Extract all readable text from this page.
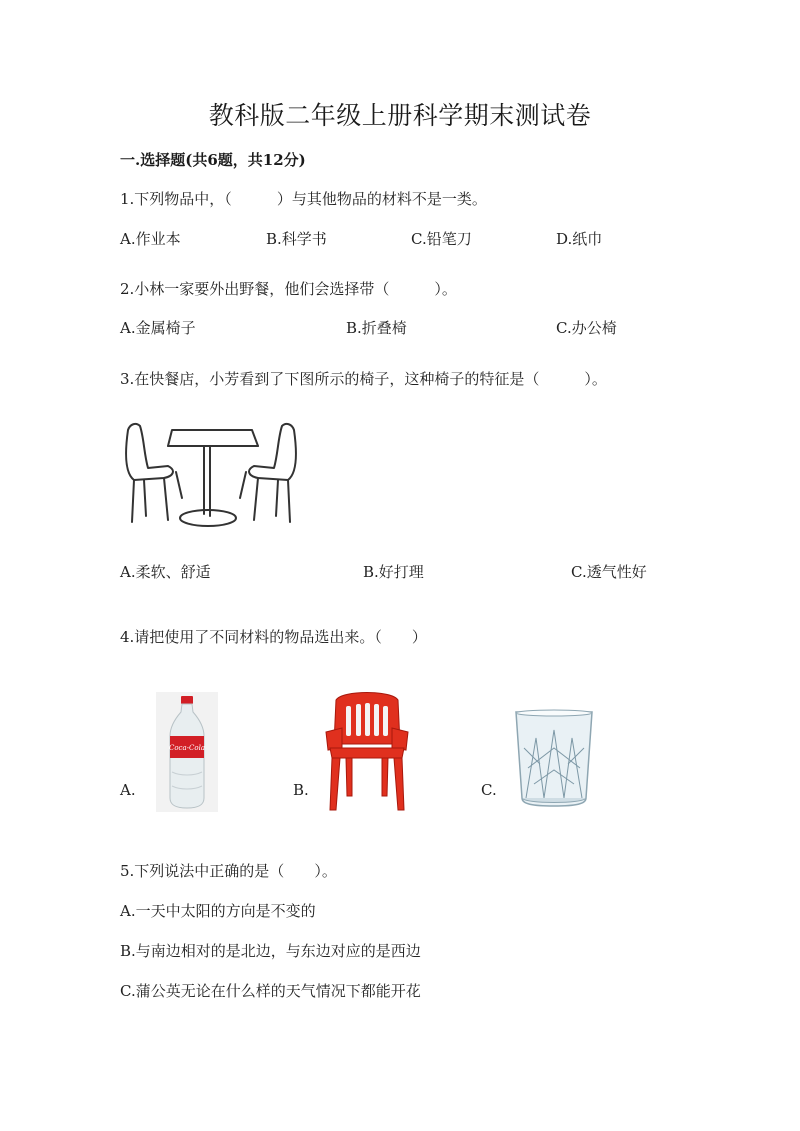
教科版二年级上册科学期末测试卷
一.选择题(共6题，共12分)
1.下列物品中，（　　　）与其他物品的材料不是一类。
A.作业本	B.科学书	C.铅笔刀	D.纸巾
2.小林一家要外出野餐，他们会选择带（　　　）。
A.金属椅子	B.折叠椅	C.办公椅
3.在快餐店，小芳看到了下图所示的椅子，这种椅子的特征是（　　　）。
A.柔软、舒适	B.好打理	C.透气性好
4.请把使用了不同材料的物品选出来。（　　）
A.
Coca-Cola
B.	C.
5.下列说法中正确的是（　　）。
A.一天中太阳的方向是不变的
B.与南边相对的是北边，与东边对应的是西边
C.蒲公英无论在什么样的天气情况下都能开花
